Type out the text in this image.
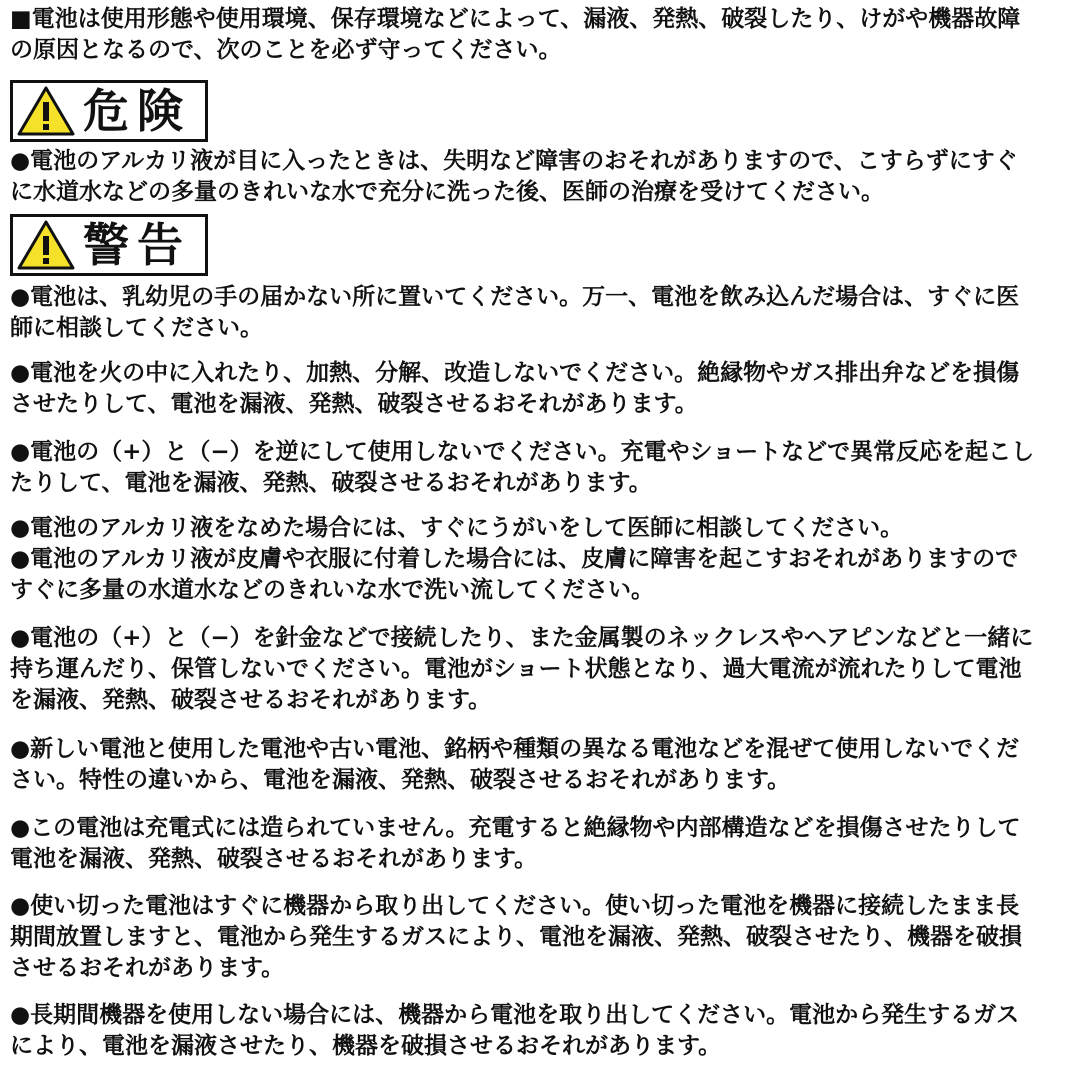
■電池は使用形態や使用環境、保存環境などによって、漏液、発熱、破裂したり、けがや機器故障
の原因となるので、次のことを必ず守ってください。
危険
●電池のアルカリ液が目に入ったときは、失明など障害のおそれがありますので、こすらずにすぐ
に水道水などの多量のきれいな水で充分に洗った後、医師の治療を受けてください。
警告
●電池は、乳幼児の手の届かない所に置いてください。万一、電池を飲み込んだ場合は、すぐに医
師に相談してください。
●電池を火の中に入れたり、加熱、分解、改造しないでください。絶縁物やガス排出弁などを損傷
させたりして、電池を漏液、発熱、破裂させるおそれがあります。
●電池の（+）と（−）を逆にして使用しないでください。充電やショートなどで異常反応を起こし
たりして、電池を漏液、発熱、破裂させるおそれがあります。
●電池のアルカリ液をなめた場合には、すぐにうがいをして医師に相談してください。
●電池のアルカリ液が皮膚や衣服に付着した場合には、皮膚に障害を起こすおそれがありますので
すぐに多量の水道水などのきれいな水で洗い流してください。
●電池の（+）と（−）を針金などで接続したり、また金属製のネックレスやヘアピンなどと一緒に
持ち運んだり、保管しないでください。電池がショート状態となり、過大電流が流れたりして電池
を漏液、発熱、破裂させるおそれがあります。
●新しい電池と使用した電池や古い電池、銘柄や種類の異なる電池などを混ぜて使用しないでくだ
さい。特性の違いから、電池を漏液、発熱、破裂させるおそれがあります。
●この電池は充電式には造られていません。充電すると絶縁物や内部構造などを損傷させたりして
電池を漏液、発熱、破裂させるおそれがあります。
●使い切った電池はすぐに機器から取り出してください。使い切った電池を機器に接続したまま長
期間放置しますと、電池から発生するガスにより、電池を漏液、発熱、破裂させたり、機器を破損
させるおそれがあります。
●長期間機器を使用しない場合には、機器から電池を取り出してください。電池から発生するガス
により、電池を漏液させたり、機器を破損させるおそれがあります。
